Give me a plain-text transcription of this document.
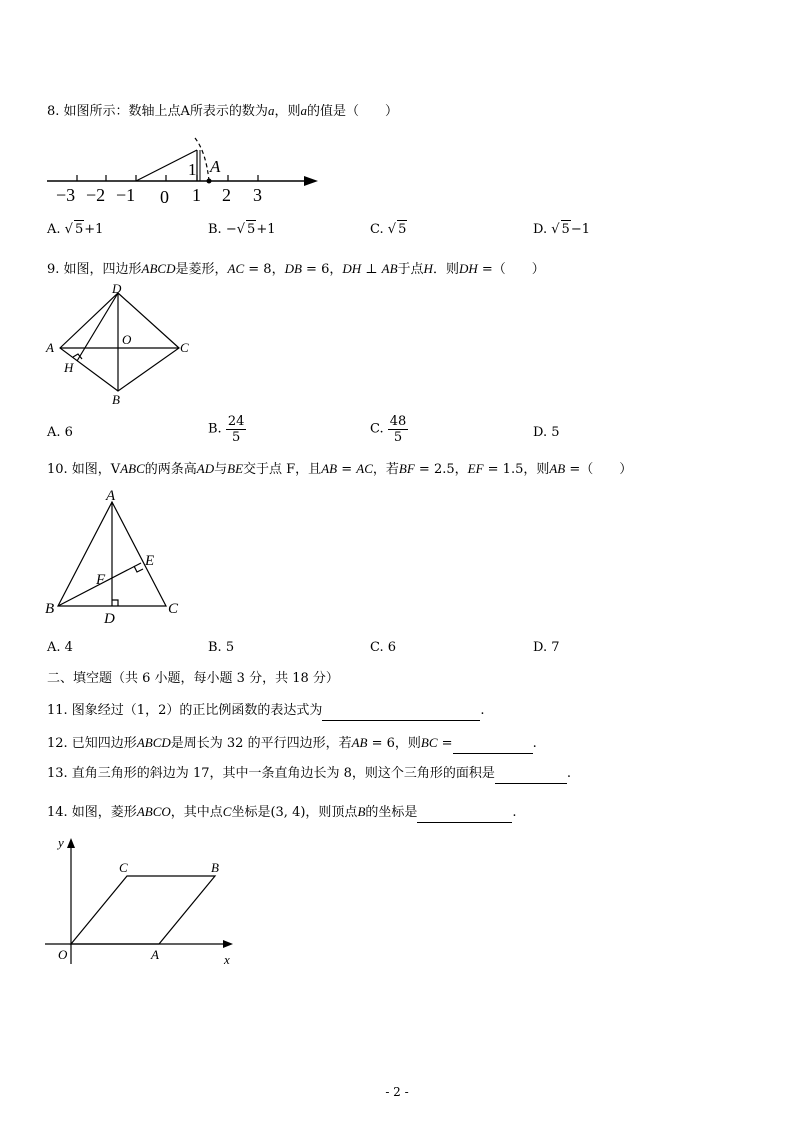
8. 如图所示：数轴上点A所表示的数为a，则a的值是（　　）
1 A
−3 −2 −1 0 1 2 3
A. √ 5+1	B. −√ 5+1	C. √ 5	D. √ 5−1
9. 如图，四边形ABCD是菱形，AC = 8，DB = 6，DH ⊥ AB于点H．则DH =（　　）
D
A
O
C
H
B
A. 6	B. $\frac{24}{5}$	C. $\frac{48}{5}$	D. 5
10. 如图，VABC的两条高AD与BE交于点 F，且AB = AC，若BF = 2.5，EF = 1.5，则AB =（　　）
A
E
F
B	C
D
A. 4	B. 5	C. 6	D. 7
二、填空题（共 6 小题，每小题 3 分，共 18 分）
11. 图象经过（1，2）的正比例函数的表达式为	.
12. 已知四边形ABCD是周长为 32 的平行四边形，若AB = 6，则BC =	.
13. 直角三角形的斜边为 17，其中一条直角边长为 8，则这个三角形的面积是	.
14. 如图，菱形ABCO，其中点C坐标是(3, 4)，则顶点B的坐标是	.
y
x
O	A
C	B
- 2 -
